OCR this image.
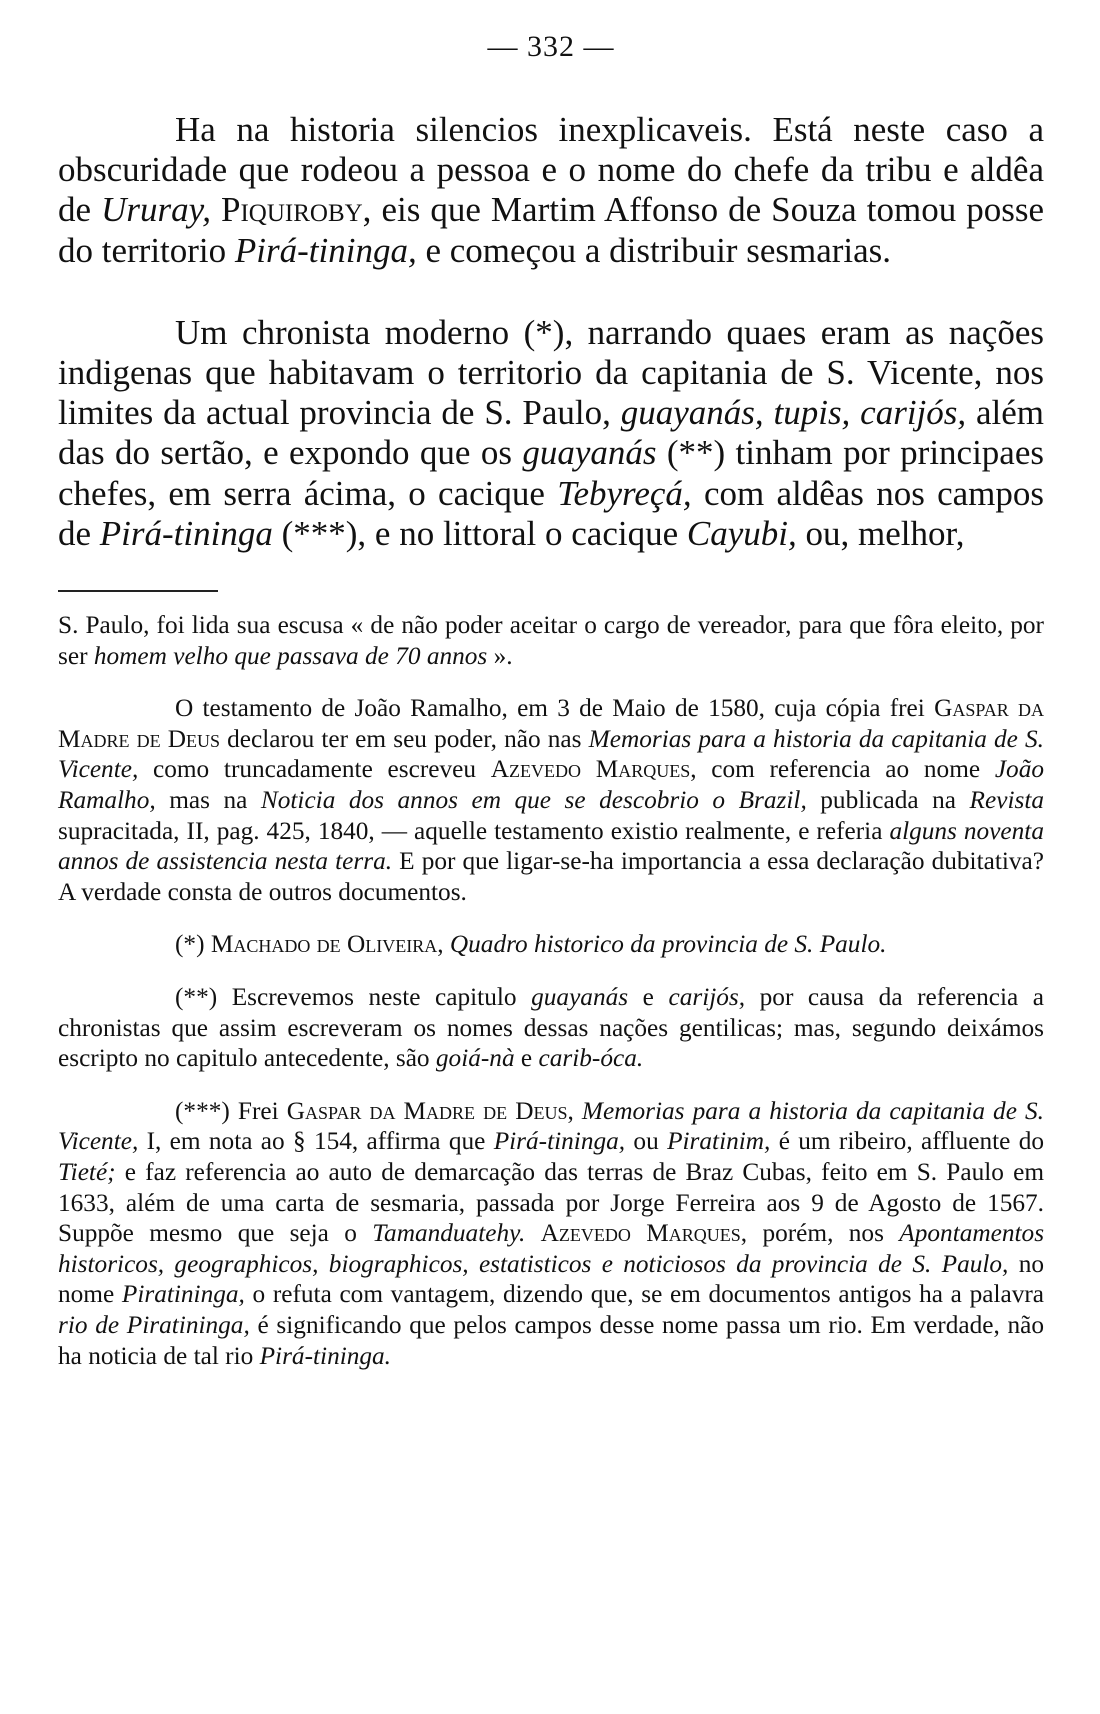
— 332 —

Ha na historia silencios inexplicaveis. Está neste caso a obscuridade que rodeou a pessoa e o nome do chefe da tribu e aldêa de Ururay, Piquiroby, eis que Martim Affonso de Souza tomou posse do territorio Pirá-tininga, e começou a distribuir sesmarias.

Um chronista moderno (*), narrando quaes eram as nações indigenas que habitavam o territorio da capitania de S. Vicente, nos limites da actual provincia de S. Paulo, guayanás, tupis, carijós, além das do sertão, e expondo que os guayanás (**) tinham por principaes chefes, em serra ácima, o cacique Tebyreçá, com aldêas nos campos de Pirá-tininga (***), e no littoral o cacique Cayubi, ou, melhor,

S. Paulo, foi lida sua escusa « de não poder aceitar o cargo de vereador, para que fôra eleito, por ser homem velho que passava de 70 annos ».

O testamento de João Ramalho, em 3 de Maio de 1580, cuja cópia frei Gaspar da Madre de Deus declarou ter em seu poder, não nas Memorias para a historia da capitania de S. Vicente, como truncadamente escreveu Azevedo Marques, com referencia ao nome João Ramalho, mas na Noticia dos annos em que se descobrio o Brazil, publicada na Revista supracitada, II, pag. 425, 1840, — aquelle testamento existio realmente, e referia alguns noventa annos de assistencia nesta terra. E por que ligar-se-ha importancia a essa declaração dubitativa? A verdade consta de outros documentos.

(*) Machado de Oliveira, Quadro historico da provincia de S. Paulo.

(**) Escrevemos neste capitulo guayanás e carijós, por causa da referencia a chronistas que assim escreveram os nomes dessas nações gentilicas; mas, segundo deixámos escripto no capitulo antecedente, são goiá-nà e carib-óca.

(***) Frei Gaspar da Madre de Deus, Memorias para a historia da capitania de S. Vicente, I, em nota ao § 154, affirma que Pirá-tininga, ou Piratinim, é um ribeiro, affluente do Tieté; e faz referencia ao auto de demarcação das terras de Braz Cubas, feito em S. Paulo em 1633, além de uma carta de sesmaria, passada por Jorge Ferreira aos 9 de Agosto de 1567. Suppõe mesmo que seja o Tamanduatehy. Azevedo Marques, porém, nos Apontamentos historicos, geographicos, biographicos, estatisticos e noticiosos da provincia de S. Paulo, no nome Piratininga, o refuta com vantagem, dizendo que, se em documentos antigos ha a palavra rio de Piratininga, é significando que pelos campos desse nome passa um rio. Em verdade, não ha noticia de tal rio Pirá-tininga.
